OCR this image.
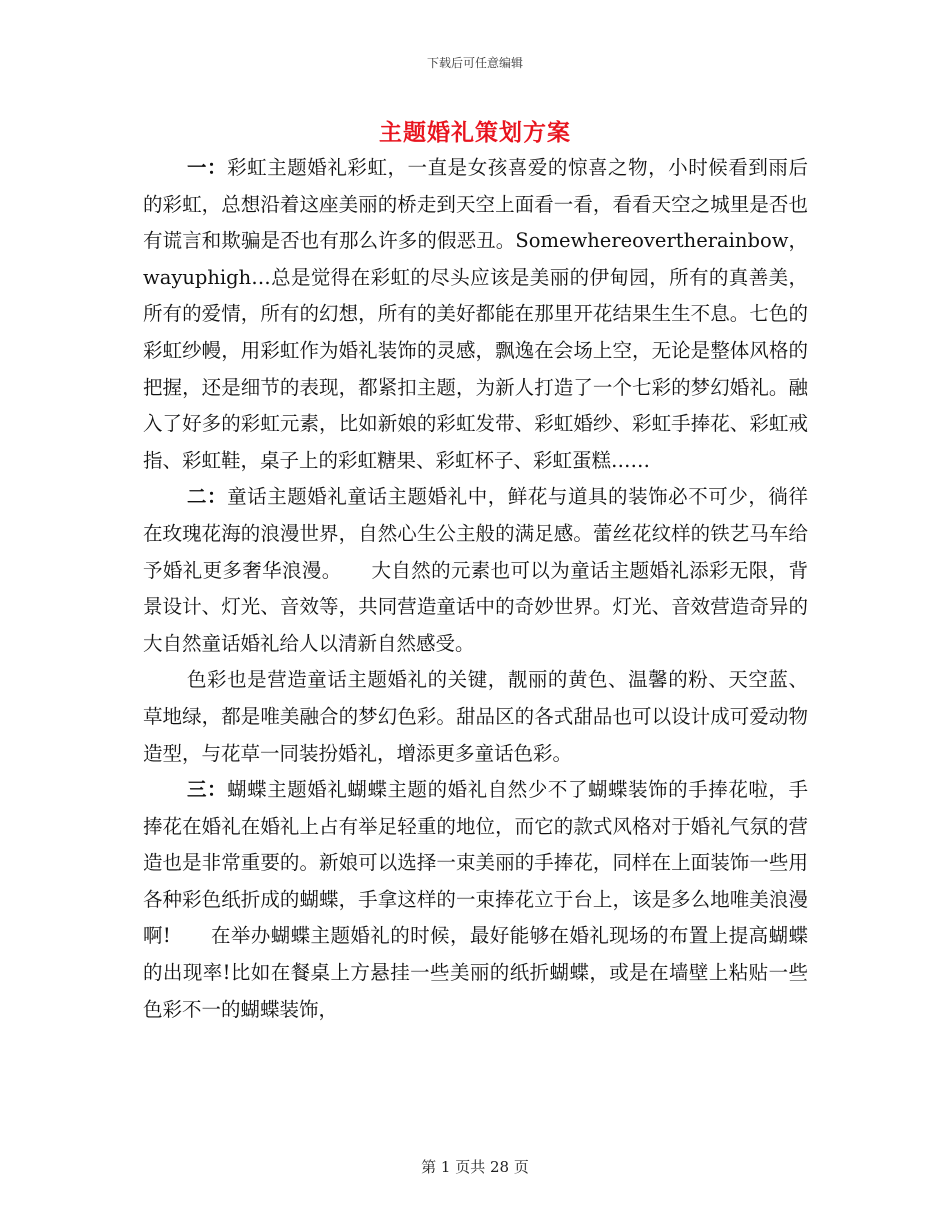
下载后可任意编辑
主题婚礼策划方案

一：彩虹主题婚礼彩虹，一直是女孩喜爱的惊喜之物，小时候看到雨后的彩虹，总想沿着这座美丽的桥走到天空上面看一看，看看天空之城里是否也有谎言和欺骗是否也有那么许多的假恶丑。Somewhereovertherainbow，wayuphigh…总是觉得在彩虹的尽头应该是美丽的伊甸园，所有的真善美，所有的爱情，所有的幻想，所有的美好都能在那里开花结果生生不息。七色的彩虹纱幔，用彩虹作为婚礼装饰的灵感，飘逸在会场上空，无论是整体风格的把握，还是细节的表现，都紧扣主题，为新人打造了一个七彩的梦幻婚礼。融入了好多的彩虹元素，比如新娘的彩虹发带、彩虹婚纱、彩虹手捧花、彩虹戒指、彩虹鞋，桌子上的彩虹糖果、彩虹杯子、彩虹蛋糕……

二：童话主题婚礼童话主题婚礼中，鲜花与道具的装饰必不可少，徜徉在玫瑰花海的浪漫世界，自然心生公主般的满足感。蕾丝花纹样的铁艺马车给予婚礼更多奢华浪漫。　　大自然的元素也可以为童话主题婚礼添彩无限，背景设计、灯光、音效等，共同营造童话中的奇妙世界。灯光、音效营造奇异的大自然童话婚礼给人以清新自然感受。

色彩也是营造童话主题婚礼的关键，靓丽的黄色、温馨的粉、天空蓝、草地绿，都是唯美融合的梦幻色彩。甜品区的各式甜品也可以设计成可爱动物造型，与花草一同装扮婚礼，增添更多童话色彩。

三：蝴蝶主题婚礼蝴蝶主题的婚礼自然少不了蝴蝶装饰的手捧花啦，手捧花在婚礼在婚礼上占有举足轻重的地位，而它的款式风格对于婚礼气氛的营造也是非常重要的。新娘可以选择一束美丽的手捧花，同样在上面装饰一些用各种彩色纸折成的蝴蝶，手拿这样的一束捧花立于台上，该是多么地唯美浪漫啊!　　在举办蝴蝶主题婚礼的时候，最好能够在婚礼现场的布置上提高蝴蝶的出现率!比如在餐桌上方悬挂一些美丽的纸折蝴蝶，或是在墙壁上粘贴一些色彩不一的蝴蝶装饰，

第 1 页共 28 页
